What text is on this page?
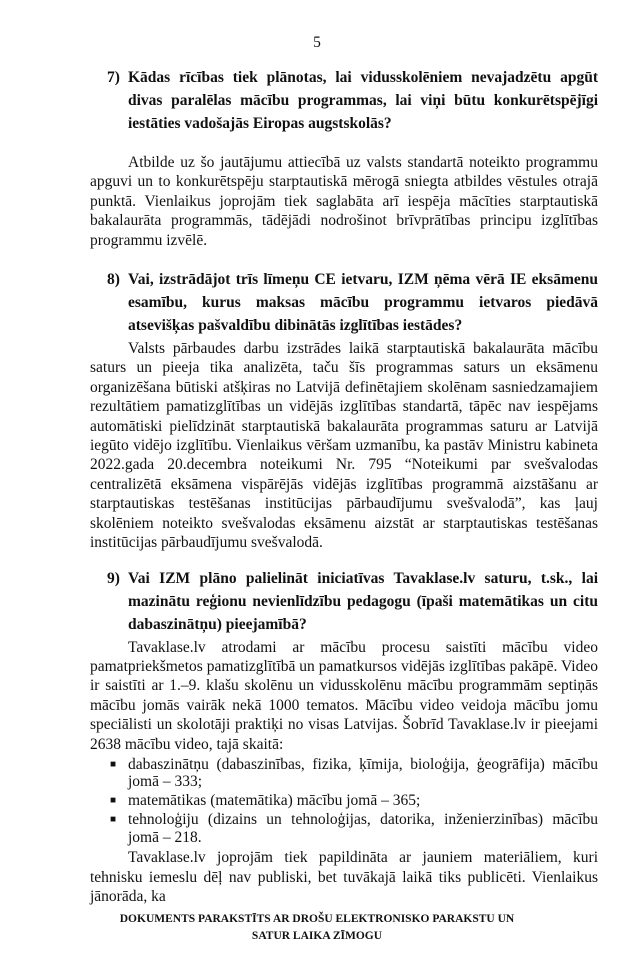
5
7) Kādas rīcības tiek plānotas, lai vidusskolēniem nevajadzētu apgūt divas paralēlas mācību programmas, lai viņi būtu konkurētspējīgi iestāties vadošajās Eiropas augstskolās?

Atbilde uz šo jautājumu attiecībā uz valsts standartā noteikto programmu apguvi un to konkurētspēju starptautiskā mērogā sniegta atbildes vēstules otrajā punktā. Vienlaikus joprojām tiek saglabāta arī iespēja mācīties starptautiskā bakalaurāta programmās, tādējādi nodrošinot brīvprātības principu izglītības programmu izvēlē.

8) Vai, izstrādājot trīs līmeņu CE ietvaru, IZM ņēma vērā IE eksāmenu esamību, kurus maksas mācību programmu ietvaros piedāvā atsevišķas pašvaldību dibinātās izglītības iestādes?

Valsts pārbaudes darbu izstrādes laikā starptautiskā bakalaurāta mācību saturs un pieeja tika analizēta, taču šīs programmas saturs un eksāmenu organizēšana būtiski atšķiras no Latvijā definētajiem skolēnam sasniedzamajiem rezultātiem pamatizglītības un vidējās izglītības standartā, tāpēc nav iespējams automātiski pielīdzināt starptautiskā bakalaurāta programmas saturu ar Latvijā iegūto vidējo izglītību. Vienlaikus vēršam uzmanību, ka pastāv Ministru kabineta 2022.gada 20.decembra noteikumi Nr. 795 “Noteikumi par svešvalodas centralizētā eksāmena vispārējās vidējās izglītības programmā aizstāšanu ar starptautiskas testēšanas institūcijas pārbaudījumu svešvalodā”, kas ļauj skolēniem noteikto svešvalodas eksāmenu aizstāt ar starptautiskas testēšanas institūcijas pārbaudījumu svešvalodā.

9) Vai IZM plāno palielināt iniciatīvas Tavaklase.lv saturu, t.sk., lai mazinātu reģionu nevienlīdzību pedagogu (īpaši matemātikas un citu dabaszinātņu) pieejamībā?

Tavaklase.lv atrodami ar mācību procesu saistīti mācību video pamatpriekšmetos pamatizglītībā un pamatkursos vidējās izglītības pakāpē. Video ir saistīti ar 1.–9. klašu skolēnu un vidusskolēnu mācību programmām septiņās mācību jomās vairāk nekā 1000 tematos. Mācību video veidoja mācību jomu speciālisti un skolotāji praktiķi no visas Latvijas. Šobrīd Tavaklase.lv ir pieejami 2638 mācību video, tajā skaitā:

■ dabaszinātņu (dabaszinības, fizika, ķīmija, bioloģija, ģeogrāfija) mācību jomā – 333;
■ matemātikas (matemātika) mācību jomā – 365;
■ tehnoloģiju (dizains un tehnoloģijas, datorika, inženierzinības) mācību jomā – 218.

Tavaklase.lv joprojām tiek papildināta ar jauniem materiāliem, kuri tehnisku iemeslu dēļ nav publiski, bet tuvākajā laikā tiks publicēti. Vienlaikus jānorāda, ka

DOKUMENTS PARAKSTĪTS AR DROŠU ELEKTRONISKO PARAKSTU UN
SATUR LAIKA ZĪMOGU
